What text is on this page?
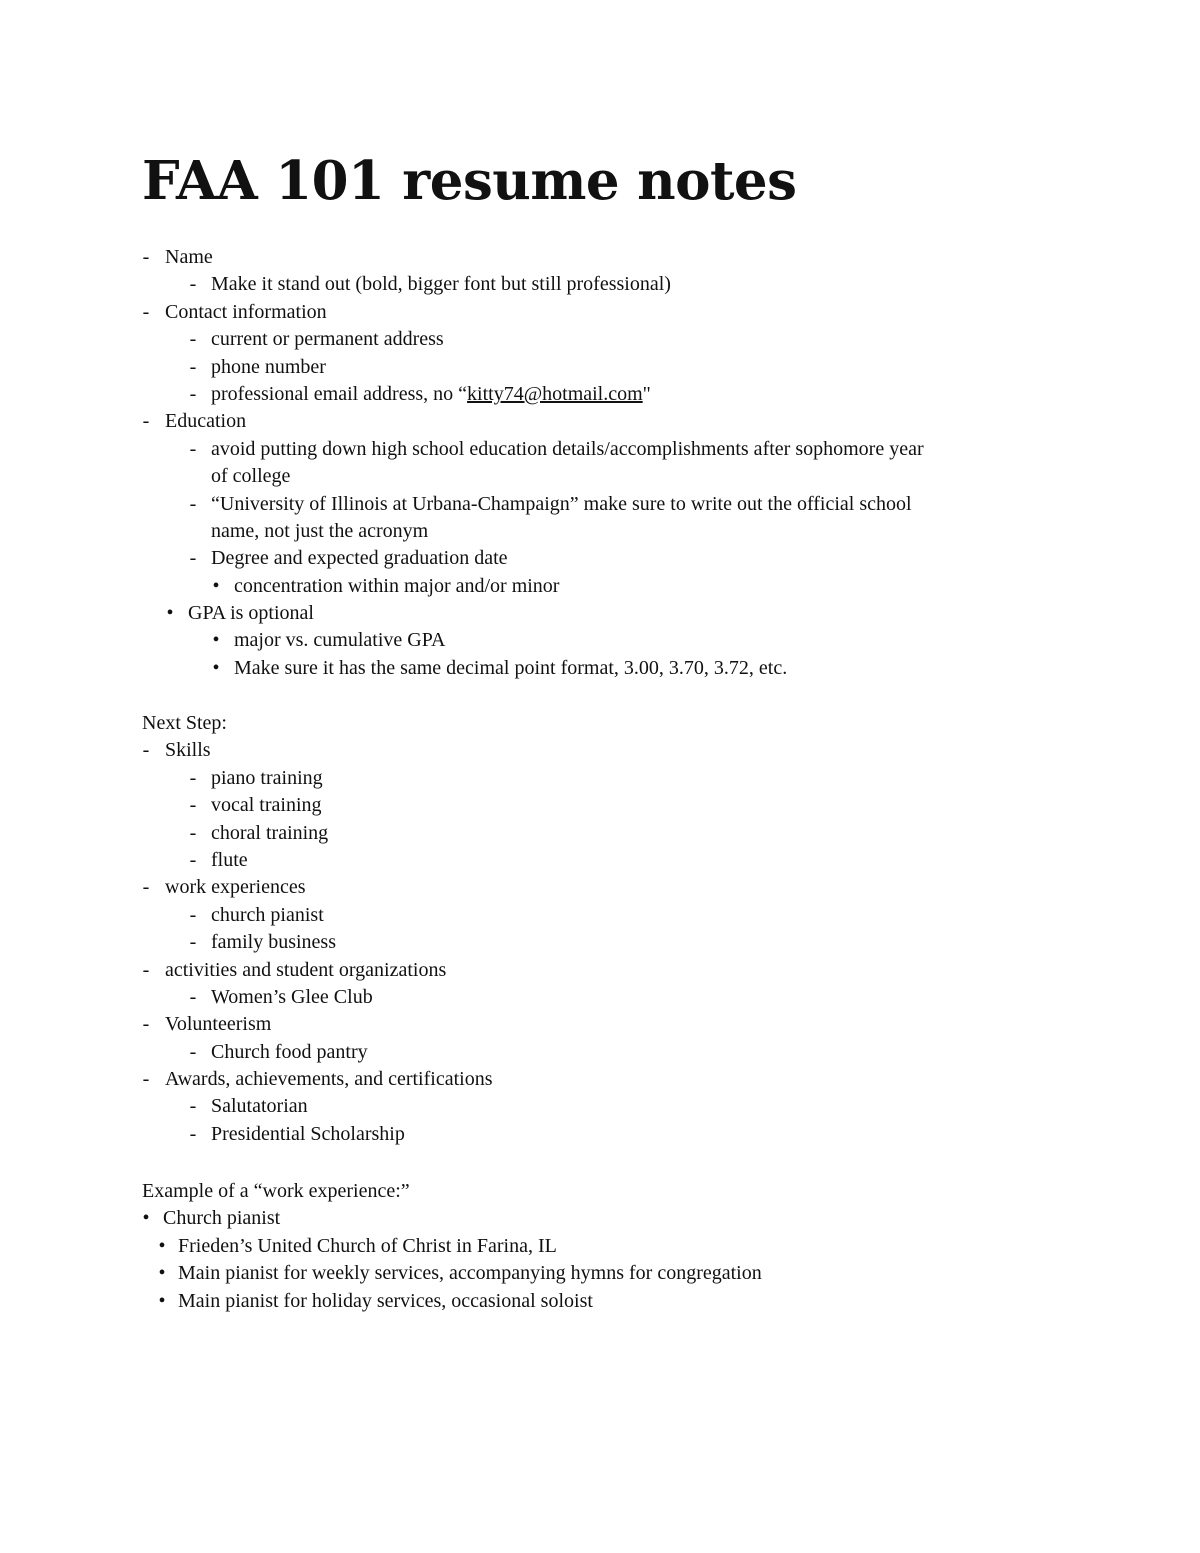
FAA 101 resume notes
-
Name
-
Make it stand out (bold, bigger font but still professional)
-
Contact information
-
current or permanent address
-
phone number
-
professional email address, no “kitty74@hotmail.com"
-
Education
-
avoid putting down high school education details/accomplishments after sophomore year
of college
-
“University of Illinois at Urbana-Champaign” make sure to write out the official school
name, not just the acronym
-
Degree and expected graduation date
•
concentration within major and/or minor
•
GPA is optional
•
major vs. cumulative GPA
•
Make sure it has the same decimal point format, 3.00, 3.70, 3.72, etc.
Next Step:
-
Skills
-
piano training
-
vocal training
-
choral training
-
flute
-
work experiences
-
church pianist
-
family business
-
activities and student organizations
-
Women’s Glee Club
-
Volunteerism
-
Church food pantry
-
Awards, achievements, and certifications
-
Salutatorian
-
Presidential Scholarship
Example of a “work experience:”
•
Church pianist
•
Frieden’s United Church of Christ in Farina, IL
•
Main pianist for weekly services, accompanying hymns for congregation
•
Main pianist for holiday services, occasional soloist
